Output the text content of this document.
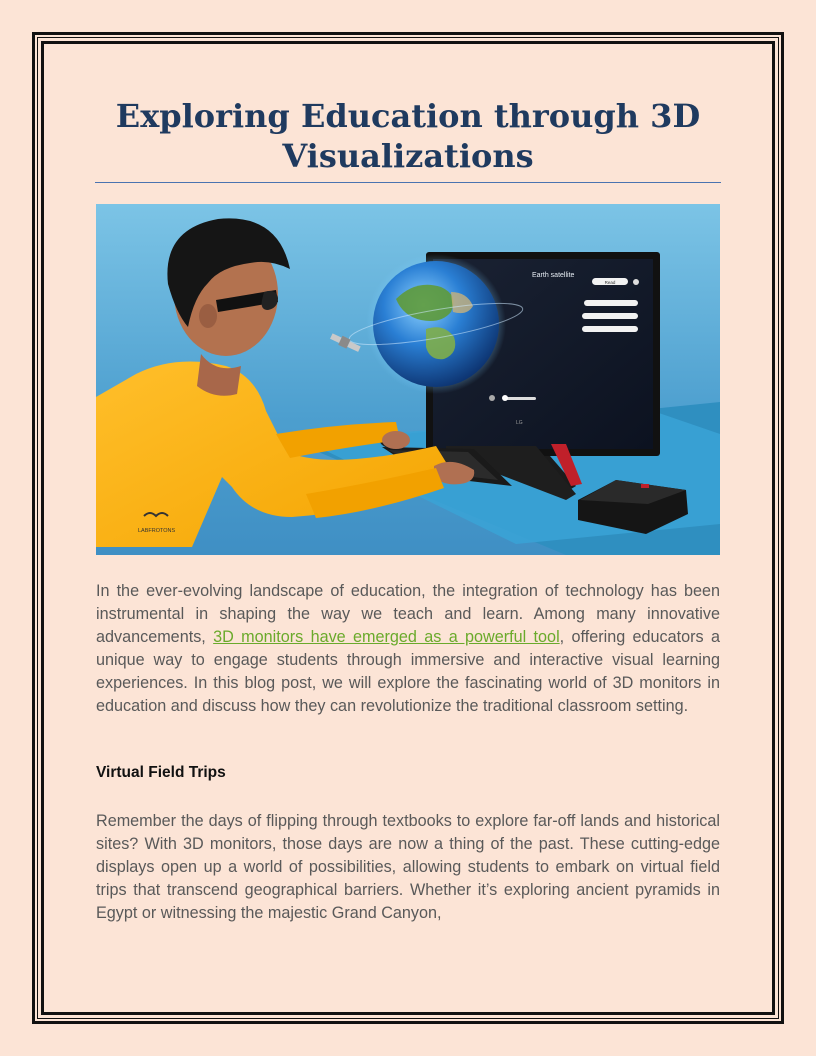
Exploring Education through 3D Visualizations
Earth satellite
Read
LG
LABFROTONS

In the ever-evolving landscape of education, the integration of technology has been instrumental in shaping the way we teach and learn. Among many innovative advancements, 3D monitors have emerged as a powerful tool, offering educators a unique way to engage students through immersive and interactive visual learning experiences. In this blog post, we will explore the fascinating world of 3D monitors in education and discuss how they can revolutionize the traditional classroom setting.

Virtual Field Trips

Remember the days of flipping through textbooks to explore far-off lands and historical sites? With 3D monitors, those days are now a thing of the past. These cutting-edge displays open up a world of possibilities, allowing students to embark on virtual field trips that transcend geographical barriers. Whether it’s exploring ancient pyramids in Egypt or witnessing the majestic Grand Canyon,
